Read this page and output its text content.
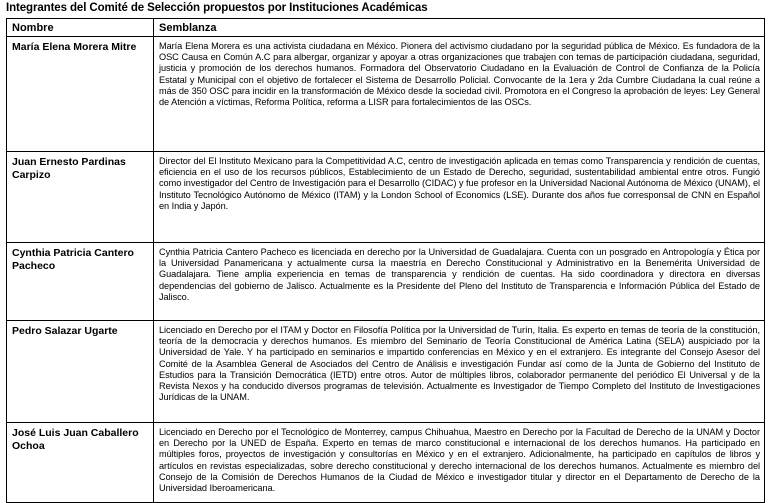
Integrantes del Comité de Selección propuestos por Instituciones Académicas
Nombre	Semblanza
María Elena Morera Mitre	María Elena Morera es una activista ciudadana en México. Pionera del activismo ciudadano por la seguridad pública de México. Es fundadora de la OSC Causa en Común A.C para albergar, organizar y apoyar a otras organizaciones que trabajen con temas de participación ciudadana, seguridad, justicia y promoción de los derechos humanos. Formadora del Observatorio Ciudadano en la Evaluación de Control de Confianza de la Policía Estatal y Municipal con el objetivo de fortalecer el Sistema de Desarrollo Policial. Convocante de la 1era y 2da Cumbre Ciudadana la cual reúne a más de 350 OSC para incidir en la transformación de México desde la sociedad civil. Promotora en el Congreso la aprobación de leyes: Ley General de Atención a víctimas, Reforma Política, reforma a LISR para fortalecimientos de las OSCs.
Juan Ernesto Pardinas Carpizo	Director del El Instituto Mexicano para la Competitividad A.C, centro de investigación aplicada en temas como Transparencia y rendición de cuentas, eficiencia en el uso de los recursos públicos, Establecimiento de un Estado de Derecho, seguridad, sustentabilidad ambiental entre otros. Fungió como investigador del Centro de Investigación para el Desarrollo (CIDAC) y fue profesor en la Universidad Nacional Autónoma de México (UNAM), el Instituto Tecnológico Autónomo de México (ITAM) y la London School of Economics (LSE). Durante dos años fue corresponsal de CNN en Español en India y Japón.
Cynthia Patricia Cantero Pacheco	Cynthia Patricia Cantero Pacheco es licenciada en derecho por la Universidad de Guadalajara. Cuenta con un posgrado en Antropología y Ética por la Universidad Panamericana y actualmente cursa la maestría en Derecho Constitucional y Administrativo en la Benemérita Universidad de Guadalajara. Tiene amplia experiencia en temas de transparencia y rendición de cuentas. Ha sido coordinadora y directora en diversas dependencias del gobierno de Jalisco. Actualmente es la Presidente del Pleno del Instituto de Transparencia e Información Pública del Estado de Jalisco.
Pedro Salazar Ugarte	Licenciado en Derecho por el ITAM y Doctor en Filosofía Política por la Universidad de Turín, Italia. Es experto en temas de teoría de la constitución, teoría de la democracia y derechos humanos. Es miembro del Seminario de Teoría Constitucional de América Latina (SELA) auspiciado por la Universidad de Yale. Y ha participado en seminarios e impartido conferencias en México y en el extranjero. Es integrante del Consejo Asesor del Comité de la Asamblea General de Asociados del Centro de Análisis e investigación Fundar así como de la Junta de Gobierno del Instituto de Estudios para la Transición Democrática (IETD) entre otros. Autor de múltiples libros, colaborador permanente del periódico El Universal y de la Revista Nexos y ha conducido diversos programas de televisión. Actualmente es Investigador de Tiempo Completo del Instituto de Investigaciones Jurídicas de la UNAM.
José Luis Juan Caballero Ochoa	Licenciado en Derecho por el Tecnológico de Monterrey, campus Chihuahua, Maestro en Derecho por la Facultad de Derecho de la UNAM y Doctor en Derecho por la UNED de España. Experto en temas de marco constitucional e internacional de los derechos humanos. Ha participado en múltiples foros, proyectos de investigación y consultorías en México y en el extranjero. Adicionalmente, ha participado en capítulos de libros y artículos en revistas especializadas, sobre derecho constitucional y derecho internacional de los derechos humanos. Actualmente es miembro del Consejo de la Comisión de Derechos Humanos de la Ciudad de México e investigador titular y director en el Departamento de Derecho de la Universidad Iberoamericana.
